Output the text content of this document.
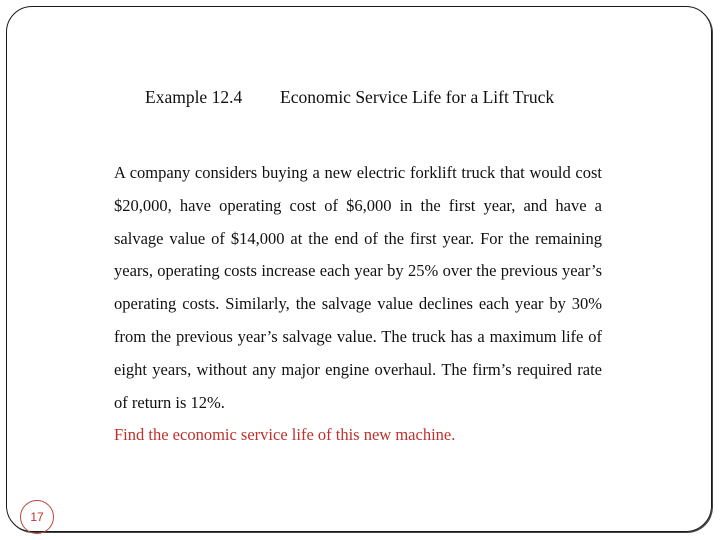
Example 12.4 Economic Service Life for a Lift Truck

A company considers buying a new electric forklift truck that would cost $20,000, have operating cost of $6,000 in the first year, and have a salvage value of $14,000 at the end of the first year. For the remaining years, operating costs increase each year by 25% over the previous year’s operating costs. Similarly, the salvage value declines each year by 30% from the previous year’s salvage value. The truck has a maximum life of eight years, without any major engine overhaul. The firm’s required rate of return is 12%.

Find the economic service life of this new machine.

17
